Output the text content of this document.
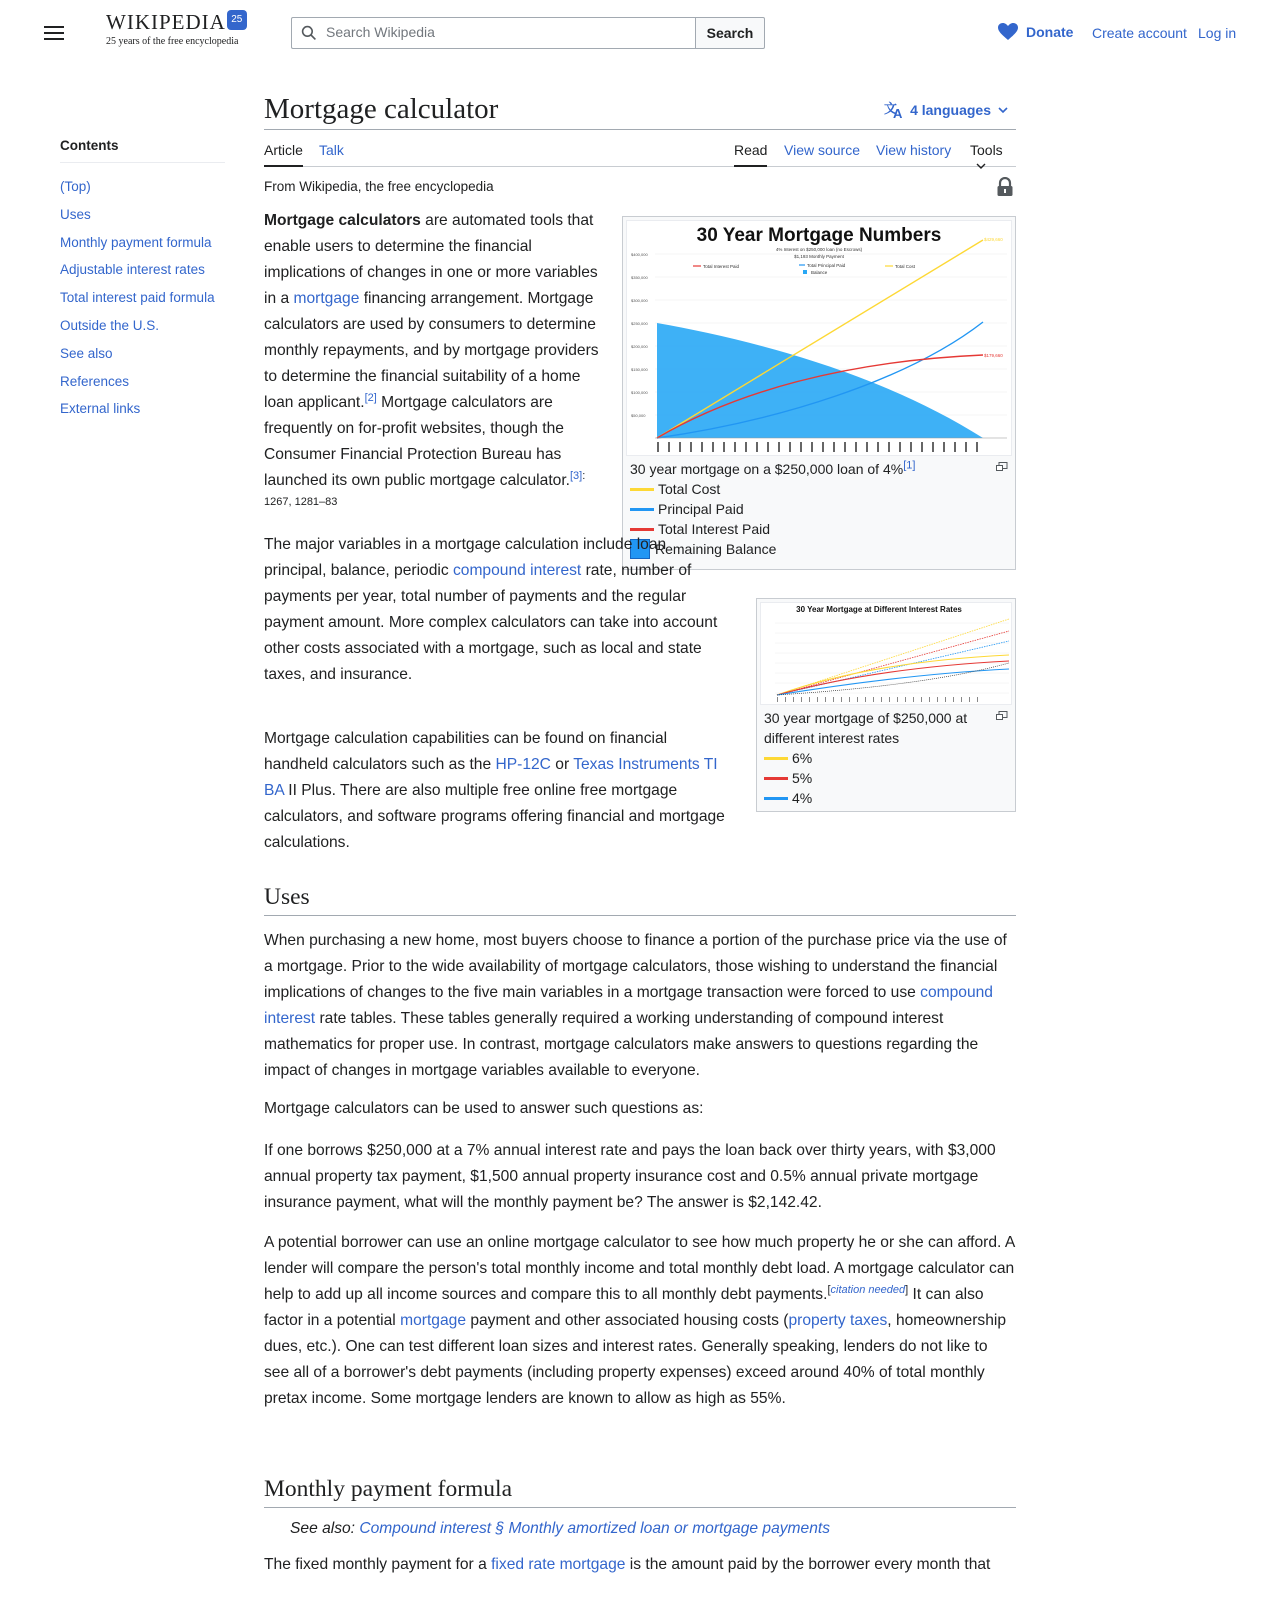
WIKIPEDIA 25
25 years of the free encyclopedia
Search Wikipedia
Search	Donate Create account Log in
Contents
(Top)
Uses
Monthly payment formula
Adjustable interest rates
Total interest paid formula
Outside the U.S.
See also
References
External links
Mortgage calculator	文
A 4 languages
Article Talk	Read View source View history Tools
From Wikipedia, the free encyclopedia
30 Year Mortgage Numbers
4% Interest on $250,000 loan (no Escrows)
$1,193 Monthly Payment
Total Interest Paid	Total Principal Paid
Balance
Total Cost
$400,000
$350,000
$300,000
$250,000
$200,000
$150,000
$100,000
$50,000
$429,660
$179,660
30 year mortgage on a $250,000 loan of 4%[1]
Total Cost
Principal Paid
Total Interest Paid
Remaining Balance
30 Year Mortgage at Different Interest Rates
30 year mortgage of $250,000 at different interest rates
6%
5%
4%

Mortgage calculators are automated tools that enable users to determine the financial implications of changes in one or more variables in a mortgage financing arrangement. Mortgage calculators are used by consumers to determine monthly repayments, and by mortgage providers to determine the financial suitability of a home loan applicant.[2] Mortgage calculators are frequently on for-profit websites, though the Consumer Financial Protection Bureau has launched its own public mortgage calculator.$^{[3]: 1267, 1281-83}$

The major variables in a mortgage calculation include loan principal, balance, periodic compound interest rate, number of payments per year, total number of payments and the regular payment amount. More complex calculators can take into account other costs associated with a mortgage, such as local and state taxes, and insurance.

Mortgage calculation capabilities can be found on financial handheld calculators such as the HP-12C or Texas Instruments TI BA II Plus. There are also multiple free online free mortgage calculators, and software programs offering financial and mortgage calculations.

Uses

When purchasing a new home, most buyers choose to finance a portion of the purchase price via the use of a mortgage. Prior to the wide availability of mortgage calculators, those wishing to understand the financial implications of changes to the five main variables in a mortgage transaction were forced to use compound interest rate tables. These tables generally required a working understanding of compound interest mathematics for proper use. In contrast, mortgage calculators make answers to questions regarding the impact of changes in mortgage variables available to everyone.

Mortgage calculators can be used to answer such questions as:

If one borrows $250,000 at a 7% annual interest rate and pays the loan back over thirty years, with $3,000 annual property tax payment, $1,500 annual property insurance cost and 0.5% annual private mortgage insurance payment, what will the monthly payment be? The answer is $2,142.42.

A potential borrower can use an online mortgage calculator to see how much property he or she can afford. A lender will compare the person's total monthly income and total monthly debt load. A mortgage calculator can help to add up all income sources and compare this to all monthly debt payments.[citation needed] It can also factor in a potential mortgage payment and other associated housing costs (property taxes, homeownership dues, etc.). One can test different loan sizes and interest rates. Generally speaking, lenders do not like to see all of a borrower's debt payments (including property expenses) exceed around 40% of total monthly pretax income. Some mortgage lenders are known to allow as high as 55%.

Monthly payment formula
See also: Compound interest § Monthly amortized loan or mortgage payments

The fixed monthly payment for a fixed rate mortgage is the amount paid by the borrower every month that
